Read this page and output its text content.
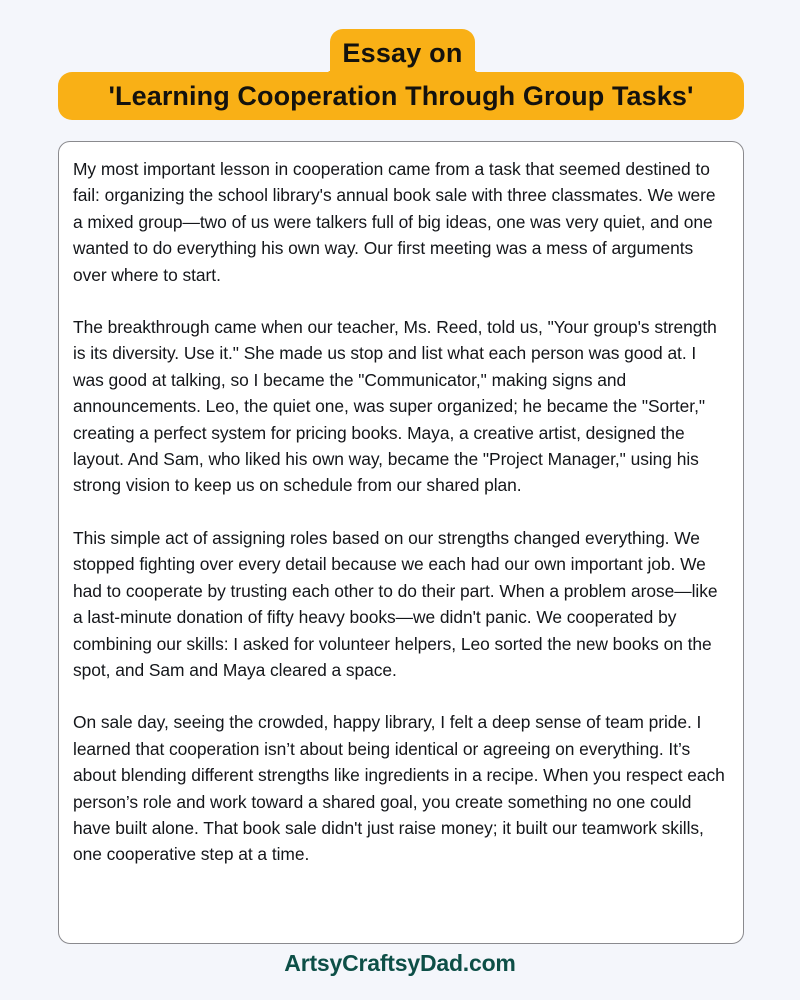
Essay on
'Learning Cooperation Through Group Tasks'

My most important lesson in cooperation came from a task that seemed destined to fail: organizing the school library's annual book sale with three classmates. We were a mixed group—two of us were talkers full of big ideas, one was very quiet, and one wanted to do everything his own way. Our first meeting was a mess of arguments over where to start.

The breakthrough came when our teacher, Ms. Reed, told us, "Your group's strength is its diversity. Use it." She made us stop and list what each person was good at. I was good at talking, so I became the "Communicator," making signs and announcements. Leo, the quiet one, was super organized; he became the "Sorter," creating a perfect system for pricing books. Maya, a creative artist, designed the layout. And Sam, who liked his own way, became the "Project Manager," using his strong vision to keep us on schedule from our shared plan.

This simple act of assigning roles based on our strengths changed everything. We stopped fighting over every detail because we each had our own important job. We had to cooperate by trusting each other to do their part. When a problem arose—like a last-minute donation of fifty heavy books—we didn't panic. We cooperated by combining our skills: I asked for volunteer helpers, Leo sorted the new books on the spot, and Sam and Maya cleared a space.

On sale day, seeing the crowded, happy library, I felt a deep sense of team pride. I learned that cooperation isn’t about being identical or agreeing on everything. It’s about blending different strengths like ingredients in a recipe. When you respect each person’s role and work toward a shared goal, you create something no one could have built alone. That book sale didn't just raise money; it built our teamwork skills, one cooperative step at a time.

ArtsyCraftsyDad.com
